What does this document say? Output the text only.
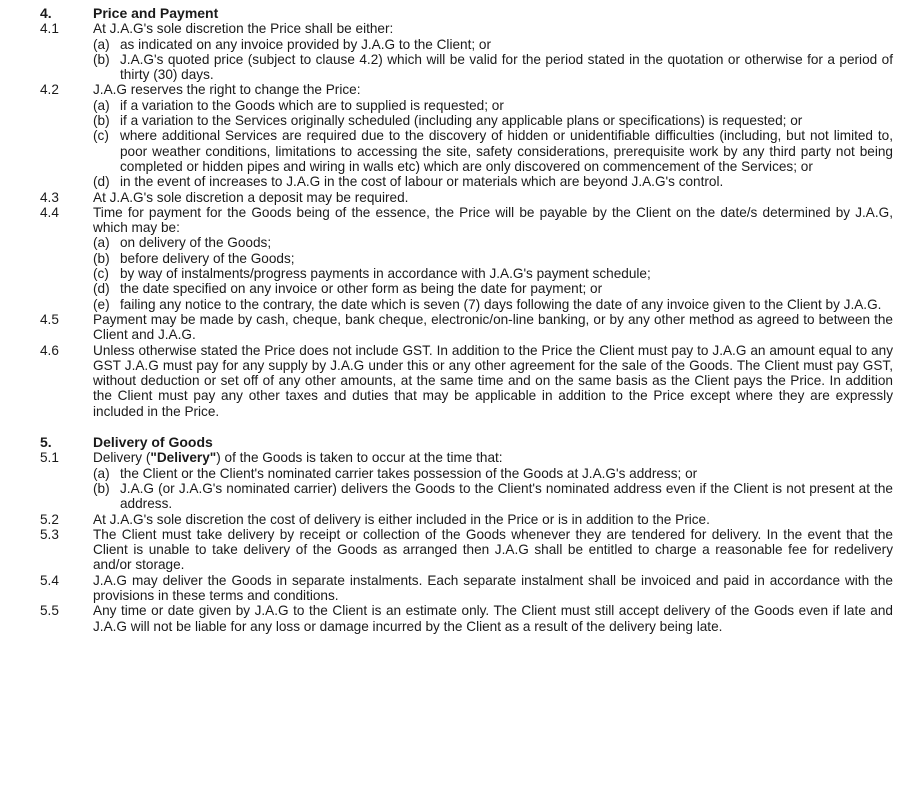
4.	Price and Payment
4.1	At J.A.G's sole discretion the Price shall be either:
(a) as indicated on any invoice provided by J.A.G to the Client; or
(b) J.A.G's quoted price (subject to clause 4.2) which will be valid for the period stated in the quotation or otherwise for a period of thirty (30) days.
4.2	J.A.G reserves the right to change the Price:
(a) if a variation to the Goods which are to supplied is requested; or
(b) if a variation to the Services originally scheduled (including any applicable plans or specifications) is requested; or
(c) where additional Services are required due to the discovery of hidden or unidentifiable difficulties (including, but not limited to, poor weather conditions, limitations to accessing the site, safety considerations, prerequisite work by any third party not being completed or hidden pipes and wiring in walls etc) which are only discovered on commencement of the Services; or
(d) in the event of increases to J.A.G in the cost of labour or materials which are beyond J.A.G's control.
4.3	At J.A.G's sole discretion a deposit may be required.
4.4	Time for payment for the Goods being of the essence, the Price will be payable by the Client on the date/s determined by J.A.G, which may be:
(a) on delivery of the Goods;
(b) before delivery of the Goods;
(c) by way of instalments/progress payments in accordance with J.A.G's payment schedule;
(d) the date specified on any invoice or other form as being the date for payment; or
(e) failing any notice to the contrary, the date which is seven (7) days following the date of any invoice given to the Client by J.A.G.
4.5	Payment may be made by cash, cheque, bank cheque, electronic/on-line banking, or by any other method as agreed to between the Client and J.A.G.
4.6	Unless otherwise stated the Price does not include GST. In addition to the Price the Client must pay to J.A.G an amount equal to any GST J.A.G must pay for any supply by J.A.G under this or any other agreement for the sale of the Goods. The Client must pay GST, without deduction or set off of any other amounts, at the same time and on the same basis as the Client pays the Price. In addition the Client must pay any other taxes and duties that may be applicable in addition to the Price except where they are expressly included in the Price.
5.	Delivery of Goods
5.1	Delivery ("Delivery") of the Goods is taken to occur at the time that:
(a) the Client or the Client's nominated carrier takes possession of the Goods at J.A.G's address; or
(b) J.A.G (or J.A.G's nominated carrier) delivers the Goods to the Client's nominated address even if the Client is not present at the address.
5.2	At J.A.G's sole discretion the cost of delivery is either included in the Price or is in addition to the Price.
5.3	The Client must take delivery by receipt or collection of the Goods whenever they are tendered for delivery. In the event that the Client is unable to take delivery of the Goods as arranged then J.A.G shall be entitled to charge a reasonable fee for redelivery and/or storage.
5.4	J.A.G may deliver the Goods in separate instalments. Each separate instalment shall be invoiced and paid in accordance with the provisions in these terms and conditions.
5.5	Any time or date given by J.A.G to the Client is an estimate only. The Client must still accept delivery of the Goods even if late and J.A.G will not be liable for any loss or damage incurred by the Client as a result of the delivery being late.
